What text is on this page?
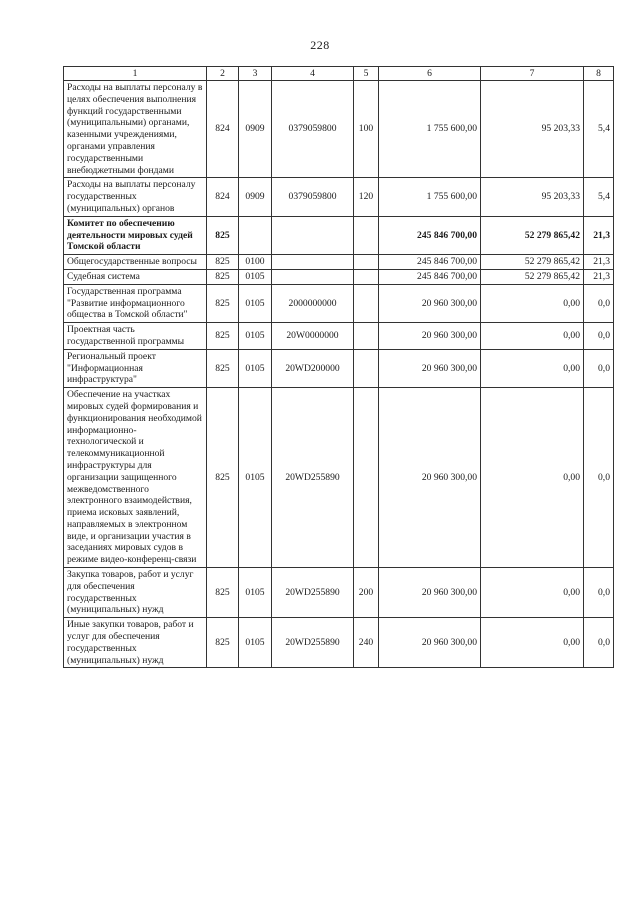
228
1	2	3	4	5	6	7	8
Расходы на выплаты персоналу в целях обеспечения выполнения функций государственными (муниципальными) органами, казенными учреждениями, органами управления государственными внебюджетными фондами	824	0909	0379059800	100	1 755 600,00	95 203,33	5,4
Расходы на выплаты персоналу государственных (муниципальных) органов	824	0909	0379059800	120	1 755 600,00	95 203,33	5,4
Комитет по обеспечению деятельности мировых судей Томской области	825				245 846 700,00	52 279 865,42	21,3
Общегосударственные вопросы	825	0100			245 846 700,00	52 279 865,42	21,3
Судебная система	825	0105			245 846 700,00	52 279 865,42	21,3
Государственная программа "Развитие информационного общества в Томской области"	825	0105	2000000000		20 960 300,00	0,00	0,0
Проектная часть государственной программы	825	0105	20W0000000		20 960 300,00	0,00	0,0
Региональный проект "Информационная инфраструктура"	825	0105	20WD200000		20 960 300,00	0,00	0,0
Обеспечение на участках мировых судей формирования и функционирования необходимой информационно-технологической и телекоммуникационной инфраструктуры для организации защищенного межведомственного электронного взаимодействия, приема исковых заявлений, направляемых в электронном виде, и организации участия в заседаниях мировых судов в режиме видео-конференц-связи	825	0105	20WD255890		20 960 300,00	0,00	0,0
Закупка товаров, работ и услуг для обеспечения государственных (муниципальных) нужд	825	0105	20WD255890	200	20 960 300,00	0,00	0,0
Иные закупки товаров, работ и услуг для обеспечения государственных (муниципальных) нужд	825	0105	20WD255890	240	20 960 300,00	0,00	0,0
